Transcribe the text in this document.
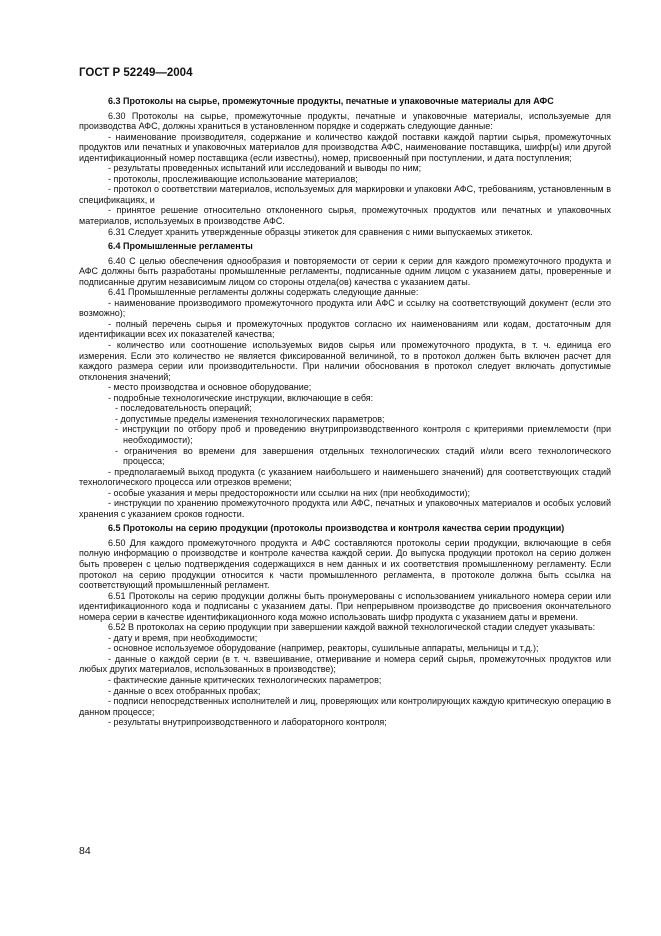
ГОСТ Р 52249—2004

6.3 Протоколы на сырье, промежуточные продукты, печатные и упаковочные материалы для АФС

6.30 Протоколы на сырье, промежуточные продукты, печатные и упаковочные материалы, используемые для производства АФС, должны храниться в установленном порядке и содержать следующие данные:

- наименование производителя, содержание и количество каждой поставки каждой партии сырья, промежуточных продуктов или печатных и упаковочных материалов для производства АФС, наименование поставщика, шифр(ы) или другой идентификационный номер поставщика (если известны), номер, присвоенный при поступлении, и дата поступления;

- результаты проведенных испытаний или исследований и выводы по ним;

- протоколы, прослеживающие использование материалов;

- протокол о соответствии материалов, используемых для маркировки и упаковки АФС, требованиям, установленным в спецификациях, и

- принятое решение относительно отклоненного сырья, промежуточных продуктов или печатных и упаковочных материалов, используемых в производстве АФС.

6.31 Следует хранить утвержденные образцы этикеток для сравнения с ними выпускаемых этикеток.

6.4 Промышленные регламенты

6.40 С целью обеспечения однообразия и повторяемости от серии к серии для каждого промежуточного продукта и АФС должны быть разработаны промышленные регламенты, подписанные одним лицом с указанием даты, проверенные и подписанные другим независимым лицом со стороны отдела(ов) качества с указанием даты.

6.41 Промышленные регламенты должны содержать следующие данные:

- наименование производимого промежуточного продукта или АФС и ссылку на соответствующий документ (если это возможно);

- полный перечень сырья и промежуточных продуктов согласно их наименованиям или кодам, достаточным для идентификации всех их показателей качества;

- количество или соотношение используемых видов сырья или промежуточного продукта, в т. ч. единица его измерения. Если это количество не является фиксированной величиной, то в протокол должен быть включен расчет для каждого размера серии или производительности. При наличии обоснования в протокол следует включать допустимые отклонения значений;

- место производства и основное оборудование;

- подробные технологические инструкции, включающие в себя:

- последовательность операций;

- допустимые пределы изменения технологических параметров;

- инструкции по отбору проб и проведению внутрипроизводственного контроля с критериями приемлемости (при необходимости);

- ограничения во времени для завершения отдельных технологических стадий и/или всего технологического процесса;

- предполагаемый выход продукта (с указанием наибольшего и наименьшего значений) для соответствующих стадий технологического процесса или отрезков времени;

- особые указания и меры предосторожности или ссылки на них (при необходимости);

- инструкции по хранению промежуточного продукта или АФС, печатных и упаковочных материалов и особых условий хранения с указанием сроков годности.

6.5 Протоколы на серию продукции (протоколы производства и контроля качества серии продукции)

6.50 Для каждого промежуточного продукта и АФС составляются протоколы серии продукции, включающие в себя полную информацию о производстве и контроле качества каждой серии. До выпуска продукции протокол на серию должен быть проверен с целью подтверждения содержащихся в нем данных и их соответствия промышленному регламенту. Если протокол на серию продукции относится к части промышленного регламента, в протоколе должна быть ссылка на соответствующий промышленный регламент.

6.51 Протоколы на серию продукции должны быть пронумерованы с использованием уникального номера серии или идентификационного кода и подписаны с указанием даты. При непрерывном производстве до присвоения окончательного номера серии в качестве идентификационного кода можно использовать шифр продукта с указанием даты и времени.

6.52 В протоколах на серию продукции при завершении каждой важной технологической стадии следует указывать:

- дату и время, при необходимости;

- основное используемое оборудование (например, реакторы, сушильные аппараты, мельницы и т.д.);

- данные о каждой серии (в т. ч. взвешивание, отмеривание и номера серий сырья, промежуточных продуктов или любых других материалов, использованных в производстве);

- фактические данные критических технологических параметров;

- данные о всех отобранных пробах;

- подписи непосредственных исполнителей и лиц, проверяющих или контролирующих каждую критическую операцию в данном процессе;

- результаты внутрипроизводственного и лабораторного контроля;

84
